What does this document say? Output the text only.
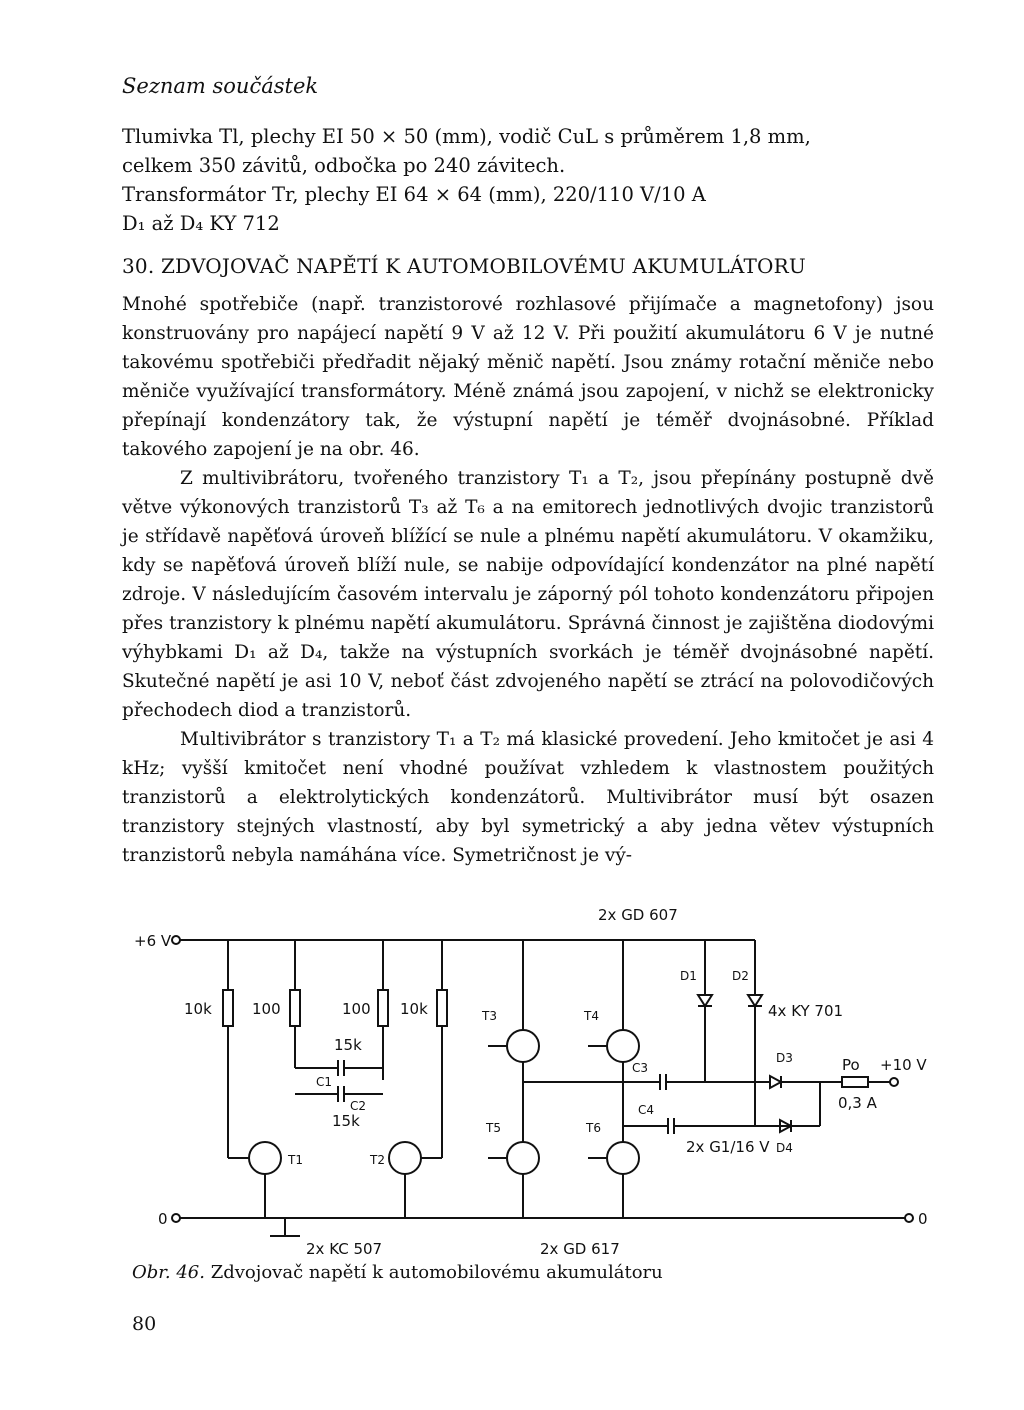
Seznam součástek
Tlumivka Tl, plechy EI 50 × 50 (mm), vodič CuL s průměrem 1,8 mm,
celkem 350 závitů, odbočka po 240 závitech.
Transformátor Tr, plechy EI 64 × 64 (mm), 220/110 V/10 A
D₁ až D₄ KY 712
30. ZDVOJOVAČ NAPĚTÍ K AUTOMOBILOVÉMU AKUMULÁTORU

Mnohé spotřebiče (např. tranzistorové rozhlasové přijímače a magnetofony) jsou konstruovány pro napájecí napětí 9 V až 12 V. Při použití akumulátoru 6 V je nutné takovému spotřebiči předřadit nějaký měnič napětí. Jsou známy rotační měniče nebo měniče využívající transformátory. Méně známá jsou zapojení, v nichž se elektronicky přepínají kondenzátory tak, že výstupní napětí je téměř dvojnásobné. Příklad takového zapojení je na obr. 46.

Z multivibrátoru, tvořeného tranzistory T₁ a T₂, jsou přepínány postupně dvě větve výkonových tranzistorů T₃ až T₆ a na emitorech jednotlivých dvojic tranzistorů je střídavě napěťová úroveň blížící se nule a plnému napětí akumulátoru. V okamžiku, kdy se napěťová úroveň blíží nule, se nabije odpovídající kondenzátor na plné napětí zdroje. V následujícím časovém intervalu je záporný pól tohoto kondenzátoru připojen přes tranzistory k plnému napětí akumulátoru. Správná činnost je zajištěna diodovými výhybkami D₁ až D₄, takže na výstupních svorkách je téměř dvojnásobné napětí. Skutečné napětí je asi 10 V, neboť část zdvojeného napětí se ztrácí na polovodičových přechodech diod a tranzistorů.

Multivibrátor s tranzistory T₁ a T₂ má klasické provedení. Jeho kmitočet je asi 4 kHz; vyšší kmitočet není vhodné používat vzhledem k vlastnostem použitých tranzistorů a elektrolytických kondenzátorů. Multivibrátor musí být osazen tranzistory stejných vlastností, aby byl symetrický a aby jedna větev výstupních tranzistorů nebyla namáhána více. Symetričnost je vý-

+6 V
0	0
+10 V
Po
0,3 A
2x GD 607
4x KY 701
2x G1/16 V
2x KC 507	2x GD 617
10k	100	100 10k
15k
15k
C1
C2
C3
C4
T1	T2
T3	T4
T5	T6
D1	D2
D3
D4
Obr. 46. Zdvojovač napětí k automobilovému akumulátoru
80
